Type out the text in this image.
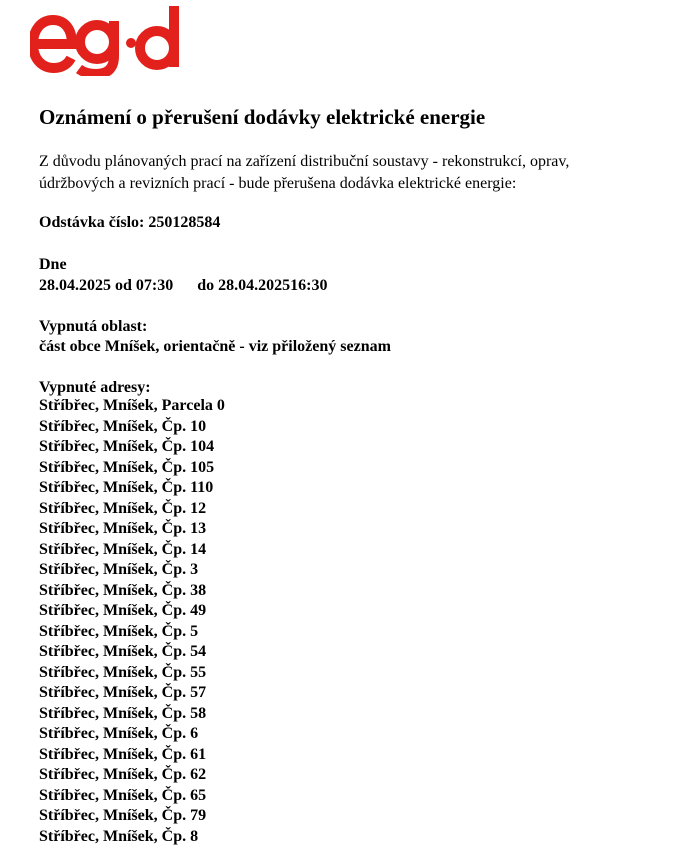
Oznámení o přerušení dodávky elektrické energie

Z důvodu plánovaných prací na zařízení distribuční soustavy - rekonstrukcí, oprav,
údržbových a revizních prací - bude přerušena dodávka elektrické energie:

Odstávka číslo: 250128584

Dne

28.04.2025 od 07:30 do 28.04.202516:30

Vypnutá oblast:

část obce Mníšek, orientačně - viz přiložený seznam

Vypnuté adresy:

Stříbřec, Mníšek, Parcela 0
Stříbřec, Mníšek, Čp. 10
Stříbřec, Mníšek, Čp. 104
Stříbřec, Mníšek, Čp. 105
Stříbřec, Mníšek, Čp. 110
Stříbřec, Mníšek, Čp. 12
Stříbřec, Mníšek, Čp. 13
Stříbřec, Mníšek, Čp. 14
Stříbřec, Mníšek, Čp. 3
Stříbřec, Mníšek, Čp. 38
Stříbřec, Mníšek, Čp. 49
Stříbřec, Mníšek, Čp. 5
Stříbřec, Mníšek, Čp. 54
Stříbřec, Mníšek, Čp. 55
Stříbřec, Mníšek, Čp. 57
Stříbřec, Mníšek, Čp. 58
Stříbřec, Mníšek, Čp. 6
Stříbřec, Mníšek, Čp. 61
Stříbřec, Mníšek, Čp. 62
Stříbřec, Mníšek, Čp. 65
Stříbřec, Mníšek, Čp. 79
Stříbřec, Mníšek, Čp. 8
